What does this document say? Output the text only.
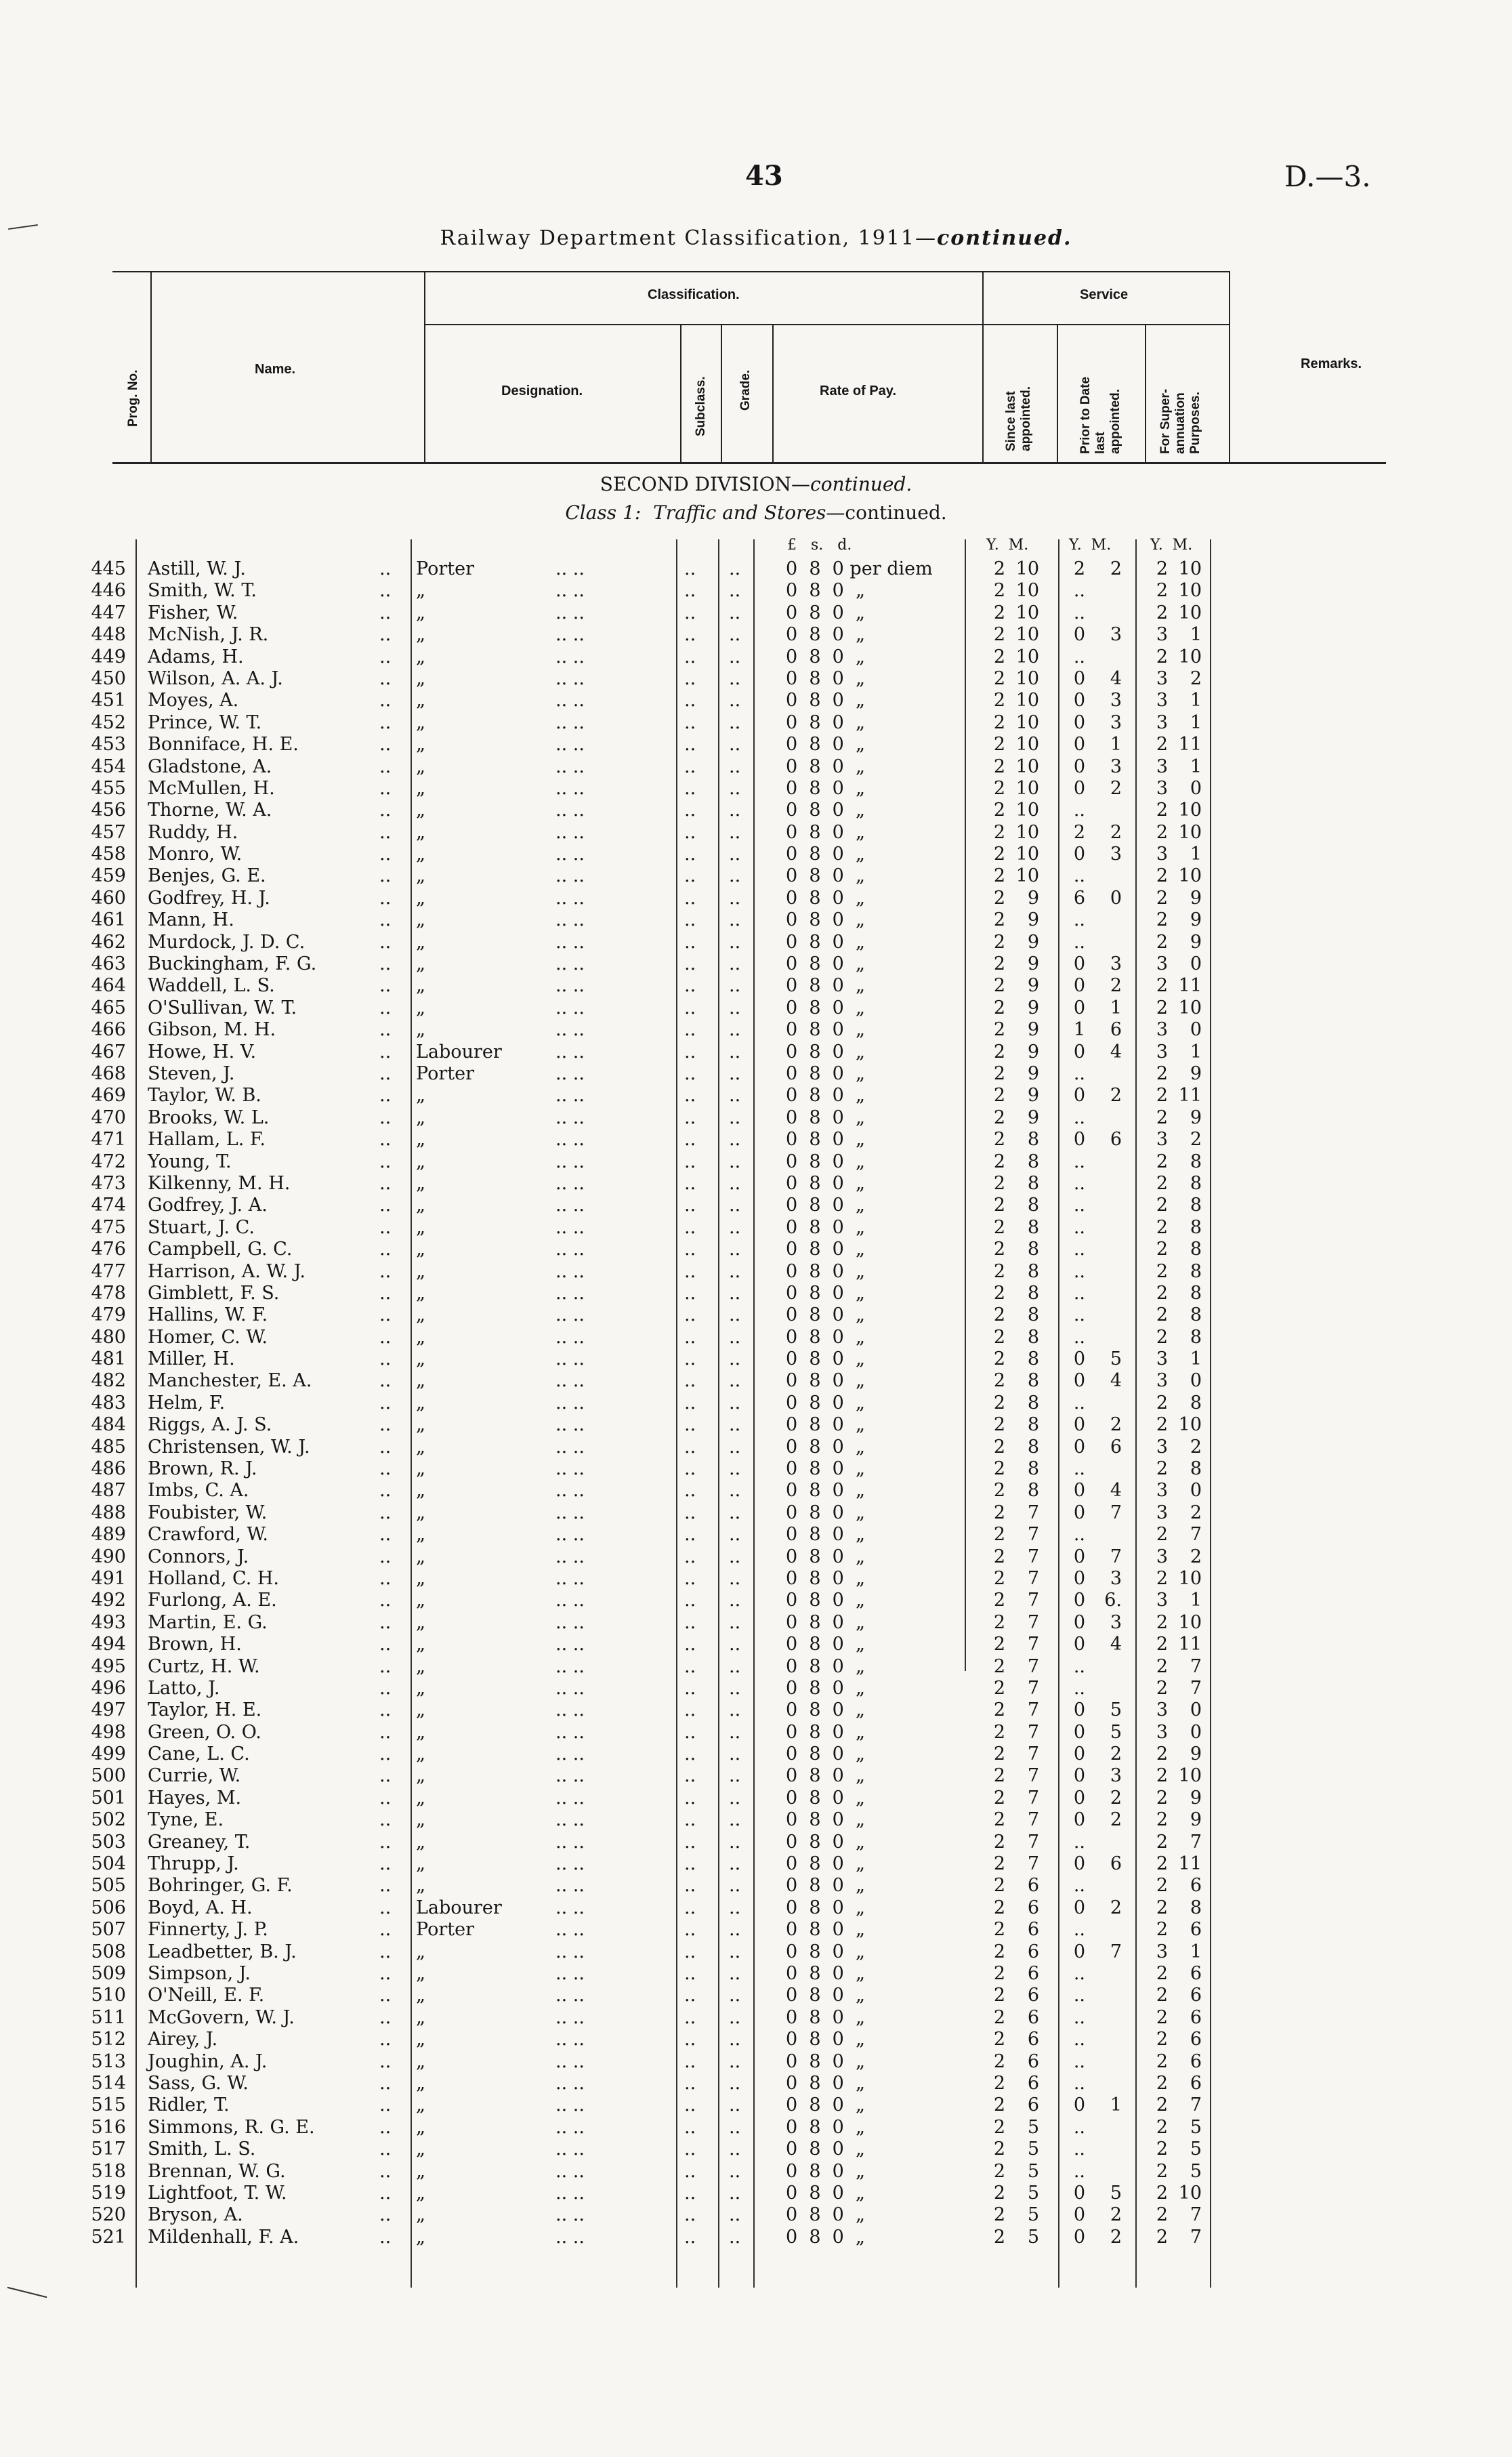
43	D.—3.
Railway Department Classification, 1911—continued.
Prog. No.
Name.
Classification.
Designation.	Subclass. Grade.	Rate of Pay.
Service
Since last
appointed.	Prior to Date
last
appointed.	For Super-
annuation
Purposes.
Remarks.
SECOND DIVISION—continued.
Class 1: Traffic and Stores—continued.
£   s.   d.	Y.  M.	Y.  M.	Y.  M.
445 Astill, W. J.	.. Porter	.. ..	.. .. 0  8  0 per diem	2 10	2	2	2 10
446 Smith, W. T.	.. „	.. ..	.. .. 0  8  0  „	2 10	..	2 10
447 Fisher, W.	.. „	.. ..	.. .. 0  8  0  „	2 10	..	2 10
448 McNish, J. R.	.. „	.. ..	.. .. 0  8  0  „	2 10	0	3	3	1
449 Adams, H.	.. „	.. ..	.. .. 0  8  0  „	2 10	..	2 10
450 Wilson, A. A. J.	.. „	.. ..	.. .. 0  8  0  „	2 10	0	4	3	2
451 Moyes, A.	.. „	.. ..	.. .. 0  8  0  „	2 10	0	3	3	1
452 Prince, W. T.	.. „	.. ..	.. .. 0  8  0  „	2 10	0	3	3	1
453 Bonniface, H. E.	.. „	.. ..	.. .. 0  8  0  „	2 10	0	1	2 11
454 Gladstone, A.	.. „	.. ..	.. .. 0  8  0  „	2 10	0	3	3	1
455 McMullen, H.	.. „	.. ..	.. .. 0  8  0  „	2 10	0	2	3	0
456 Thorne, W. A.	.. „	.. ..	.. .. 0  8  0  „	2 10	..	2 10
457 Ruddy, H.	.. „	.. ..	.. .. 0  8  0  „	2 10	2	2	2 10
458 Monro, W.	.. „	.. ..	.. .. 0  8  0  „	2 10	0	3	3	1
459 Benjes, G. E.	.. „	.. ..	.. .. 0  8  0  „	2 10	..	2 10
460 Godfrey, H. J.	.. „	.. ..	.. .. 0  8  0  „	2	9	6	0	2	9
461 Mann, H.	.. „	.. ..	.. .. 0  8  0  „	2	9	..	2	9
462 Murdock, J. D. C.	.. „	.. ..	.. .. 0  8  0  „	2	9	..	2	9
463 Buckingham, F. G.	.. „	.. ..	.. .. 0  8  0  „	2	9	0	3	3	0
464 Waddell, L. S.	.. „	.. ..	.. .. 0  8  0  „	2	9	0	2	2 11
465 O'Sullivan, W. T.	.. „	.. ..	.. .. 0  8  0  „	2	9	0	1	2 10
466 Gibson, M. H.	.. „	.. ..	.. .. 0  8  0  „	2	9	1	6	3	0
467 Howe, H. V.	.. Labourer	.. ..	.. .. 0  8  0  „	2	9	0	4	3	1
468 Steven, J.	.. Porter	.. ..	.. .. 0  8  0  „	2	9	..	2	9
469 Taylor, W. B.	.. „	.. ..	.. .. 0  8  0  „	2	9	0	2	2 11
470 Brooks, W. L.	.. „	.. ..	.. .. 0  8  0  „	2	9	..	2	9
471 Hallam, L. F.	.. „	.. ..	.. .. 0  8  0  „	2	8	0	6	3	2
472 Young, T.	.. „	.. ..	.. .. 0  8  0  „	2	8	..	2	8
473 Kilkenny, M. H.	.. „	.. ..	.. .. 0  8  0  „	2	8	..	2	8
474 Godfrey, J. A.	.. „	.. ..	.. .. 0  8  0  „	2	8	..	2	8
475 Stuart, J. C.	.. „	.. ..	.. .. 0  8  0  „	2	8	..	2	8
476 Campbell, G. C.	.. „	.. ..	.. .. 0  8  0  „	2	8	..	2	8
477 Harrison, A. W. J.	.. „	.. ..	.. .. 0  8  0  „	2	8	..	2	8
478 Gimblett, F. S.	.. „	.. ..	.. .. 0  8  0  „	2	8	..	2	8
479 Hallins, W. F.	.. „	.. ..	.. .. 0  8  0  „	2	8	..	2	8
480 Homer, C. W.	.. „	.. ..	.. .. 0  8  0  „	2	8	..	2	8
481 Miller, H.	.. „	.. ..	.. .. 0  8  0  „	2	8	0	5	3	1
482 Manchester, E. A.	.. „	.. ..	.. .. 0  8  0  „	2	8	0	4	3	0
483 Helm, F.	.. „	.. ..	.. .. 0  8  0  „	2	8	..	2	8
484 Riggs, A. J. S.	.. „	.. ..	.. .. 0  8  0  „	2	8	0	2	2 10
485 Christensen, W. J.	.. „	.. ..	.. .. 0  8  0  „	2	8	0	6	3	2
486 Brown, R. J.	.. „	.. ..	.. .. 0  8  0  „	2	8	..	2	8
487 Imbs, C. A.	.. „	.. ..	.. .. 0  8  0  „	2	8	0	4	3	0
488 Foubister, W.	.. „	.. ..	.. .. 0  8  0  „	2	7	0	7	3	2
489 Crawford, W.	.. „	.. ..	.. .. 0  8  0  „	2	7	..	2	7
490 Connors, J.	.. „	.. ..	.. .. 0  8  0  „	2	7	0	7	3	2
491 Holland, C. H.	.. „	.. ..	.. .. 0  8  0  „	2	7	0	3	2 10
492 Furlong, A. E.	.. „	.. ..	.. .. 0  8  0  „	2	7	0	6.	3	1
493 Martin, E. G.	.. „	.. ..	.. .. 0  8  0  „	2	7	0	3	2 10
494 Brown, H.	.. „	.. ..	.. .. 0  8  0  „	2	7	0	4	2 11
495 Curtz, H. W.	.. „	.. ..	.. .. 0  8  0  „	2	7	..	2	7
496 Latto, J.	.. „	.. ..	.. .. 0  8  0  „	2	7	..	2	7
497 Taylor, H. E.	.. „	.. ..	.. .. 0  8  0  „	2	7	0	5	3	0
498 Green, O. O.	.. „	.. ..	.. .. 0  8  0  „	2	7	0	5	3	0
499 Cane, L. C.	.. „	.. ..	.. .. 0  8  0  „	2	7	0	2	2	9
500 Currie, W.	.. „	.. ..	.. .. 0  8  0  „	2	7	0	3	2 10
501 Hayes, M.	.. „	.. ..	.. .. 0  8  0  „	2	7	0	2	2	9
502 Tyne, E.	.. „	.. ..	.. .. 0  8  0  „	2	7	0	2	2	9
503 Greaney, T.	.. „	.. ..	.. .. 0  8  0  „	2	7	..	2	7
504 Thrupp, J.	.. „	.. ..	.. .. 0  8  0  „	2	7	0	6	2 11
505 Bohringer, G. F.	.. „	.. ..	.. .. 0  8  0  „	2	6	..	2	6
506 Boyd, A. H.	.. Labourer	.. ..	.. .. 0  8  0  „	2	6	0	2	2	8
507 Finnerty, J. P.	.. Porter	.. ..	.. .. 0  8  0  „	2	6	..	2	6
508 Leadbetter, B. J.	.. „	.. ..	.. .. 0  8  0  „	2	6	0	7	3	1
509 Simpson, J.	.. „	.. ..	.. .. 0  8  0  „	2	6	..	2	6
510 O'Neill, E. F.	.. „	.. ..	.. .. 0  8  0  „	2	6	..	2	6
511 McGovern, W. J.	.. „	.. ..	.. .. 0  8  0  „	2	6	..	2	6
512 Airey, J.	.. „	.. ..	.. .. 0  8  0  „	2	6	..	2	6
513 Joughin, A. J.	.. „	.. ..	.. .. 0  8  0  „	2	6	..	2	6
514 Sass, G. W.	.. „	.. ..	.. .. 0  8  0  „	2	6	..	2	6
515 Ridler, T.	.. „	.. ..	.. .. 0  8  0  „	2	6	0	1	2	7
516 Simmons, R. G. E.	.. „	.. ..	.. .. 0  8  0  „	2	5	..	2	5
517 Smith, L. S.	.. „	.. ..	.. .. 0  8  0  „	2	5	..	2	5
518 Brennan, W. G.	.. „	.. ..	.. .. 0  8  0  „	2	5	..	2	5
519 Lightfoot, T. W.	.. „	.. ..	.. .. 0  8  0  „	2	5	0	5	2 10
520 Bryson, A.	.. „	.. ..	.. .. 0  8  0  „	2	5	0	2	2	7
521 Mildenhall, F. A.	.. „	.. ..	.. .. 0  8  0  „	2	5	0	2	2	7
